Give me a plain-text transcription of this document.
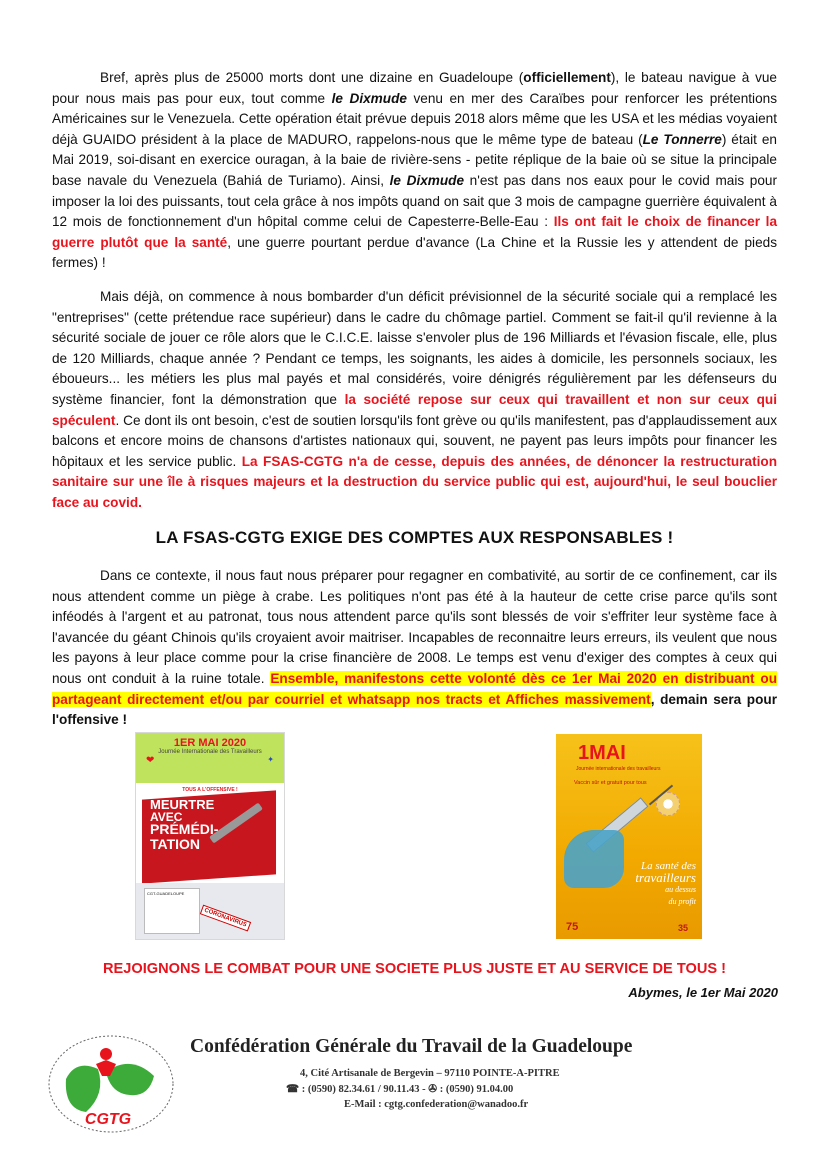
Bref, après plus de 25000 morts dont une dizaine en Guadeloupe (officiellement), le bateau navigue à vue pour nous mais pas pour eux, tout comme le Dixmude venu en mer des Caraïbes pour renforcer les prétentions Américaines sur le Venezuela. Cette opération était prévue depuis 2018 alors même que les USA et les médias voyaient déjà GUAIDO président à la place de MADURO, rappelons-nous que le même type de bateau (Le Tonnerre) était en Mai 2019, soi-disant en exercice ouragan, à la baie de rivière-sens - petite réplique de la baie où se situe la principale base navale du Venezuela (Bahiá de Turiamo). Ainsi, le Dixmude n'est pas dans nos eaux pour le covid mais pour imposer la loi des puissants, tout cela grâce à nos impôts quand on sait que 3 mois de campagne guerrière équivalent à 12 mois de fonctionnement d'un hôpital comme celui de Capesterre-Belle-Eau : Ils ont fait le choix de financer la guerre plutôt que la santé, une guerre pourtant perdue d'avance (La Chine et la Russie les y attendent de pieds fermes) !

Mais déjà, on commence à nous bombarder d'un déficit prévisionnel de la sécurité sociale qui a remplacé les "entreprises" (cette prétendue race supérieur) dans le cadre du chômage partiel. Comment se fait-il qu'il revienne à la sécurité sociale de jouer ce rôle alors que le C.I.C.E. laisse s'envoler plus de 196 Milliards et l'évasion fiscale, elle, plus de 120 Milliards, chaque année ? Pendant ce temps, les soignants, les aides à domicile, les personnels sociaux, les éboueurs... les métiers les plus mal payés et mal considérés, voire dénigrés régulièrement par les défenseurs du système financier, font la démonstration que la société repose sur ceux qui travaillent et non sur ceux qui spéculent. Ce dont ils ont besoin, c'est de soutien lorsqu'ils font grève ou qu'ils manifestent, pas d'applaudissement aux balcons et encore moins de chansons d'artistes nationaux qui, souvent, ne payent pas leurs impôts pour financer les hôpitaux et les service public. La FSAS-CGTG n'a de cesse, depuis des années, de dénoncer la restructuration sanitaire sur une île à risques majeurs et la destruction du service public qui est, aujourd'hui, le seul bouclier face au covid.

LA FSAS-CGTG EXIGE DES COMPTES AUX RESPONSABLES !

Dans ce contexte, il nous faut nous préparer pour regagner en combativité, au sortir de ce confinement, car ils nous attendent comme un piège à crabe. Les politiques n'ont pas été à la hauteur de cette crise parce qu'ils sont inféodés à l'argent et au patronat, tous nous attendent parce qu'ils sont blessés de voir s'effriter leur système face à l'avancée du géant Chinois qu'ils croyaient avoir maitriser. Incapables de reconnaitre leurs erreurs, ils veulent que nous les payons à leur place comme pour la crise financière de 2008. Le temps est venu d'exiger des comptes à ceux qui nous ont conduit à la ruine totale. Ensemble, manifestons cette volonté dès ce 1er Mai 2020 en distribuant ou partageant directement et/ou par courriel et whatsapp nos tracts et Affiches massivement, demain sera pour l'offensive !

1ER MAI 2020
Journée Internationale des Travailleurs
❤	✦
TOUS A L'OFFENSIVE !
MEURTRE
AVEC
PRÉMÉDI-
TATION
CGT-GUADELOUPE
CORONAVIRUS
1MAI
Journée internationale des travailleurs
Vaccin sûr et gratuit pour tous
La santé des
travailleurs
au dessus
du profit
75	35
REJOIGNONS LE COMBAT POUR UNE SOCIETE PLUS JUSTE ET AU SERVICE DE TOUS !
Abymes, le 1er Mai 2020
CGTG
Confédération Générale du Travail de la Guadeloupe
4, Cité Artisanale de Bergevin – 97110 POINTE-A-PITRE
☎ : (0590) 82.34.61 / 90.11.43 - ✇ : (0590) 91.04.00
E-Mail : cgtg.confederation@wanadoo.fr
